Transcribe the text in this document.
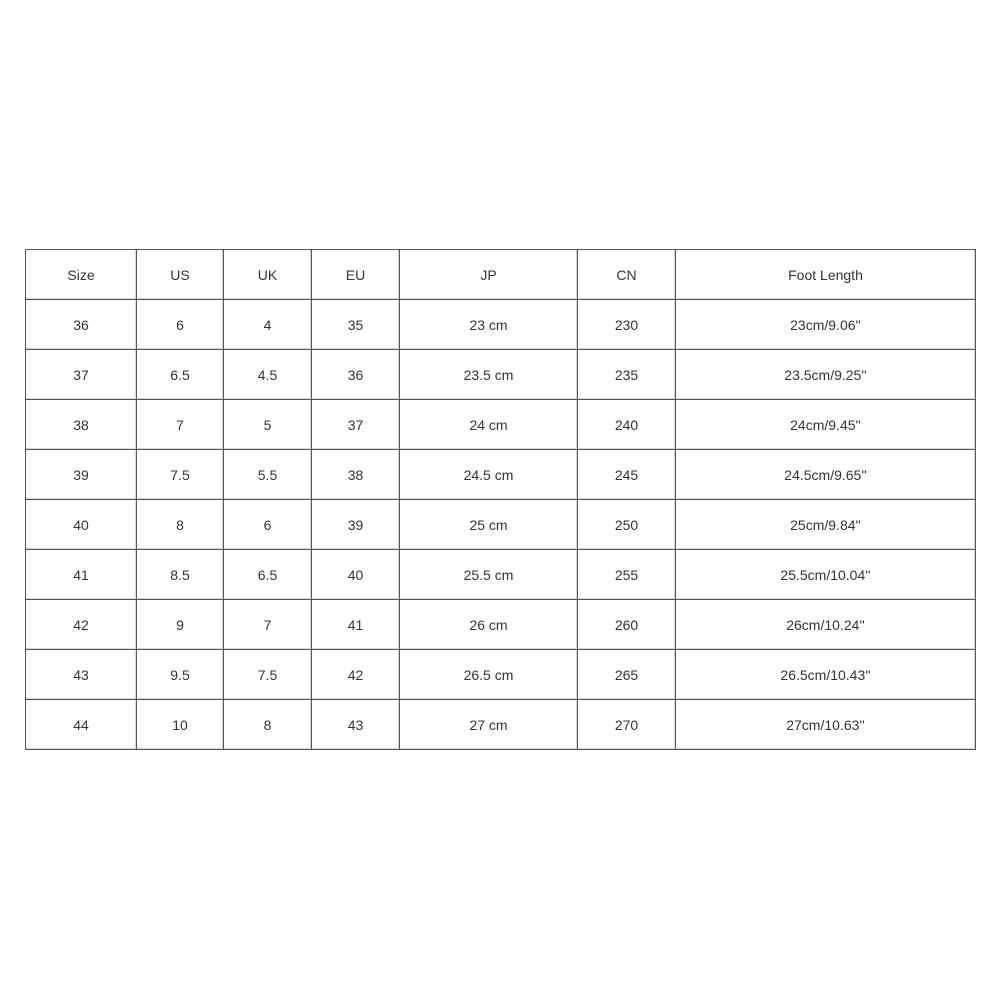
Size	US	UK	EU	JP	CN	Foot Length
36	6	4	35	23 cm	230	23cm/9.06''
37	6.5	4.5	36	23.5 cm	235	23.5cm/9.25''
38	7	5	37	24 cm	240	24cm/9.45''
39	7.5	5.5	38	24.5 cm	245	24.5cm/9.65''
40	8	6	39	25 cm	250	25cm/9.84''
41	8.5	6.5	40	25.5 cm	255	25.5cm/10.04''
42	9	7	41	26 cm	260	26cm/10.24''
43	9.5	7.5	42	26.5 cm	265	26.5cm/10.43''
44	10	8	43	27 cm	270	27cm/10.63''
